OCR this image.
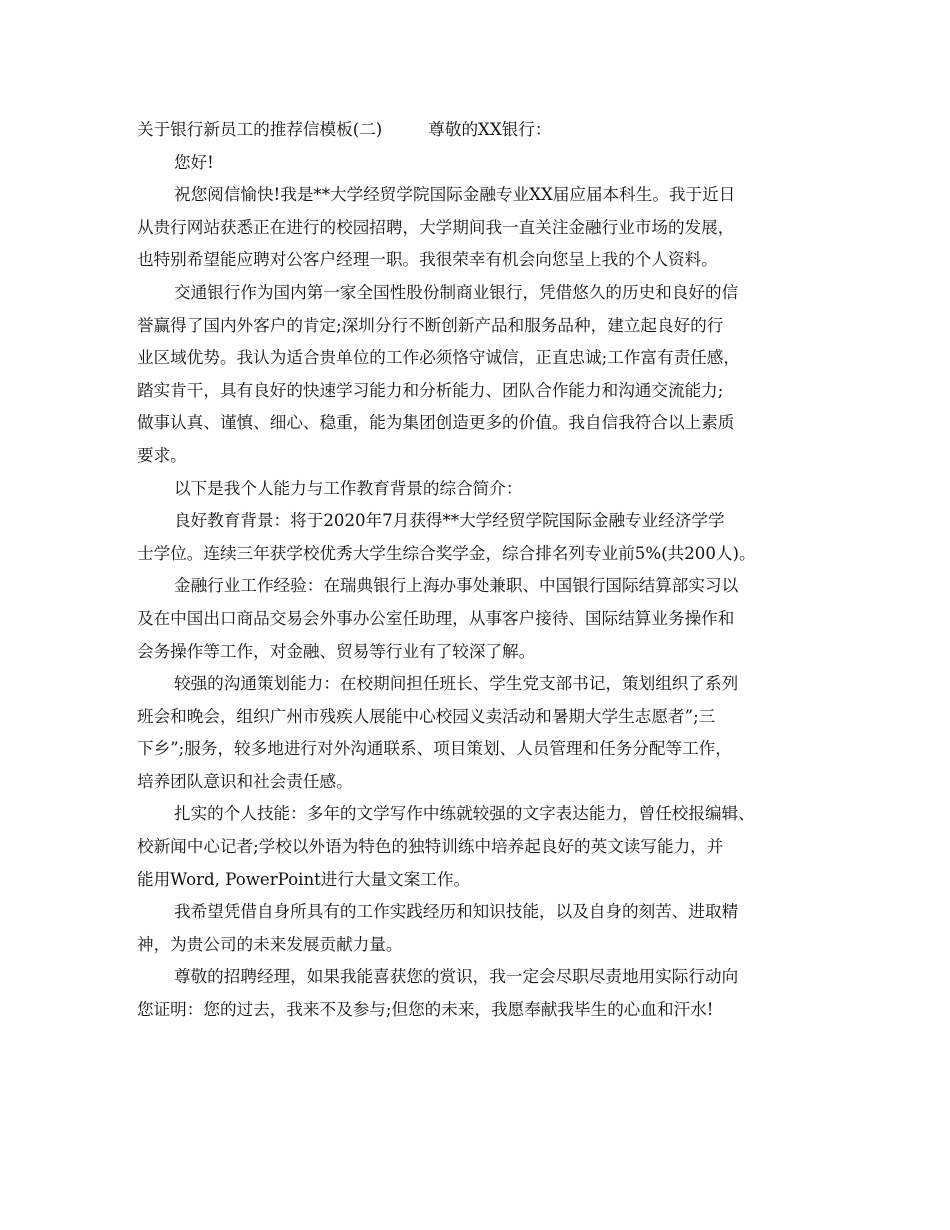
关于银行新员工的推荐信模板(二)	尊敬的XX银行：
您好!
祝您阅信愉快!我是**大学经贸学院国际金融专业XX届应届本科生。我于近日
从贵行网站获悉正在进行的校园招聘，大学期间我一直关注金融行业市场的发展，
也特别希望能应聘对公客户经理一职。我很荣幸有机会向您呈上我的个人资料。
交通银行作为国内第一家全国性股份制商业银行，凭借悠久的历史和良好的信
誉赢得了国内外客户的肯定;深圳分行不断创新产品和服务品种，建立起良好的行
业区域优势。我认为适合贵单位的工作必须恪守诚信，正直忠诚;工作富有责任感，
踏实肯干，具有良好的快速学习能力和分析能力、团队合作能力和沟通交流能力;
做事认真、谨慎、细心、稳重，能为集团创造更多的价值。我自信我符合以上素质
要求。
以下是我个人能力与工作教育背景的综合简介：
良好教育背景：将于2020年7月获得**大学经贸学院国际金融专业经济学学
士学位。连续三年获学校优秀大学生综合奖学金，综合排名列专业前5%(共200人)。
金融行业工作经验：在瑞典银行上海办事处兼职、中国银行国际结算部实习以
及在中国出口商品交易会外事办公室任助理，从事客户接待、国际结算业务操作和
会务操作等工作，对金融、贸易等行业有了较深了解。
较强的沟通策划能力：在校期间担任班长、学生党支部书记，策划组织了系列
班会和晚会，组织广州市残疾人展能中心校园义卖活动和暑期大学生志愿者”;三
下乡”;服务，较多地进行对外沟通联系、项目策划、人员管理和任务分配等工作，
培养团队意识和社会责任感。
扎实的个人技能：多年的文学写作中练就较强的文字表达能力，曾任校报编辑、
校新闻中心记者;学校以外语为特色的独特训练中培养起良好的英文读写能力，并
能用Word, PowerPoint进行大量文案工作。
我希望凭借自身所具有的工作实践经历和知识技能，以及自身的刻苦、进取精
神，为贵公司的未来发展贡献力量。
尊敬的招聘经理，如果我能喜获您的赏识，我一定会尽职尽责地用实际行动向
您证明：您的过去，我来不及参与;但您的未来，我愿奉献我毕生的心血和汗水!
